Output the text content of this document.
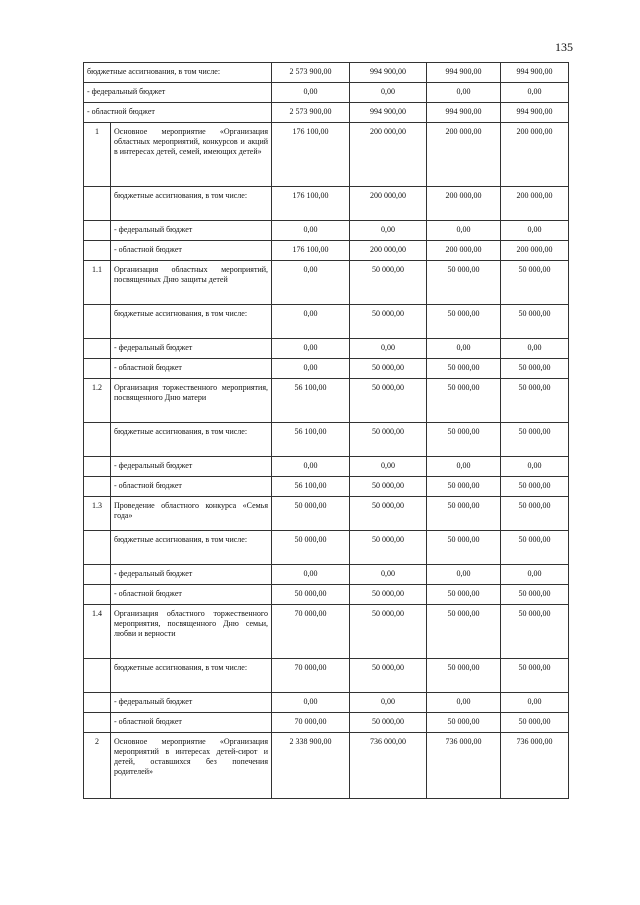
135
бюджетные ассигнования, в том числе:		2 573 900,00	994 900,00	994 900,00	994 900,00
- федеральный бюджет		0,00	0,00	0,00	0,00
- областной бюджет		2 573 900,00	994 900,00	994 900,00	994 900,00
1	Основное мероприятие «Организация областных мероприятий, конкурсов и акций в интересах детей, семей, имеющих детей»	176 100,00	200 000,00	200 000,00	200 000,00
	бюджетные ассигнования, в том числе:	176 100,00	200 000,00	200 000,00	200 000,00
	- федеральный бюджет	0,00	0,00	0,00	0,00
	- областной бюджет	176 100,00	200 000,00	200 000,00	200 000,00
1.1	Организация областных мероприятий, посвященных Дню защиты детей	0,00	50 000,00	50 000,00	50 000,00
	бюджетные ассигнования, в том числе:	0,00	50 000,00	50 000,00	50 000,00
	- федеральный бюджет	0,00	0,00	0,00	0,00
	- областной бюджет	0,00	50 000,00	50 000,00	50 000,00
1.2	Организация торжественного мероприятия, посвященного Дню матери	56 100,00	50 000,00	50 000,00	50 000,00
	бюджетные ассигнования, в том числе:	56 100,00	50 000,00	50 000,00	50 000,00
	- федеральный бюджет	0,00	0,00	0,00	0,00
	- областной бюджет	56 100,00	50 000,00	50 000,00	50 000,00
1.3	Проведение областного конкурса «Семья года»	50 000,00	50 000,00	50 000,00	50 000,00
	бюджетные ассигнования, в том числе:	50 000,00	50 000,00	50 000,00	50 000,00
	- федеральный бюджет	0,00	0,00	0,00	0,00
	- областной бюджет	50 000,00	50 000,00	50 000,00	50 000,00
1.4	Организация областного торжественного мероприятия, посвященного Дню семьи, любви и верности	70 000,00	50 000,00	50 000,00	50 000,00
	бюджетные ассигнования, в том числе:	70 000,00	50 000,00	50 000,00	50 000,00
	- федеральный бюджет	0,00	0,00	0,00	0,00
	- областной бюджет	70 000,00	50 000,00	50 000,00	50 000,00
2	Основное мероприятие «Организация мероприятий в интересах детей-сирот и детей, оставшихся без попечения родителей»	2 338 900,00	736 000,00	736 000,00	736 000,00
